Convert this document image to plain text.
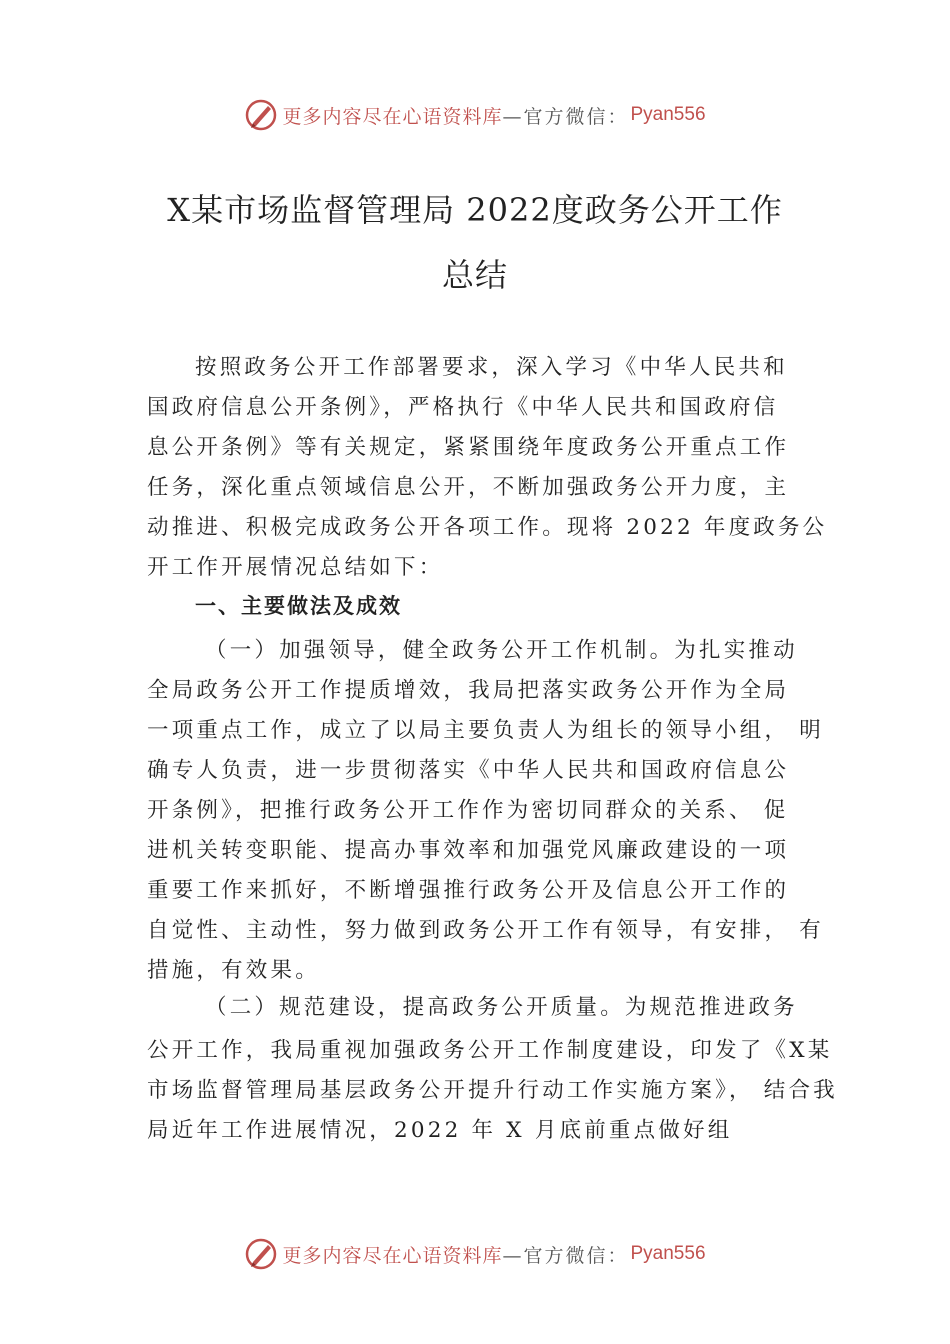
更多内容尽在心语资料库 —官方微信： Pyan556
X某市场监督管理局 2022度政务公开工作
总结
按照政务公开工作部署要求，深入学习《中华人民共和
国政府信息公开条例》，严格执行《中华人民共和国政府信
息公开条例》等有关规定，紧紧围绕年度政务公开重点工作
任务，深化重点领域信息公开，不断加强政务公开力度，主
动推进、积极完成政务公开各项工作。现将 2022 年度政务公
开工作开展情况总结如下：
一、主要做法及成效
（一）加强领导，健全政务公开工作机制。为扎实推动
全局政务公开工作提质增效，我局把落实政务公开作为全局
一项重点工作，成立了以局主要负责人为组长的领导小组， 明
确专人负责，进一步贯彻落实《中华人民共和国政府信息公
开条例》，把推行政务公开工作作为密切同群众的关系、 促
进机关转变职能、提高办事效率和加强党风廉政建设的一项
重要工作来抓好，不断增强推行政务公开及信息公开工作的
自觉性、主动性，努力做到政务公开工作有领导，有安排， 有
措施，有效果。
（二）规范建设，提高政务公开质量。为规范推进政务
公开工作，我局重视加强政务公开工作制度建设，印发了《X某
市场监督管理局基层政务公开提升行动工作实施方案》， 结合我
局近年工作进展情况，2022 年 X 月底前重点做好组
更多内容尽在心语资料库 —官方微信： Pyan556
